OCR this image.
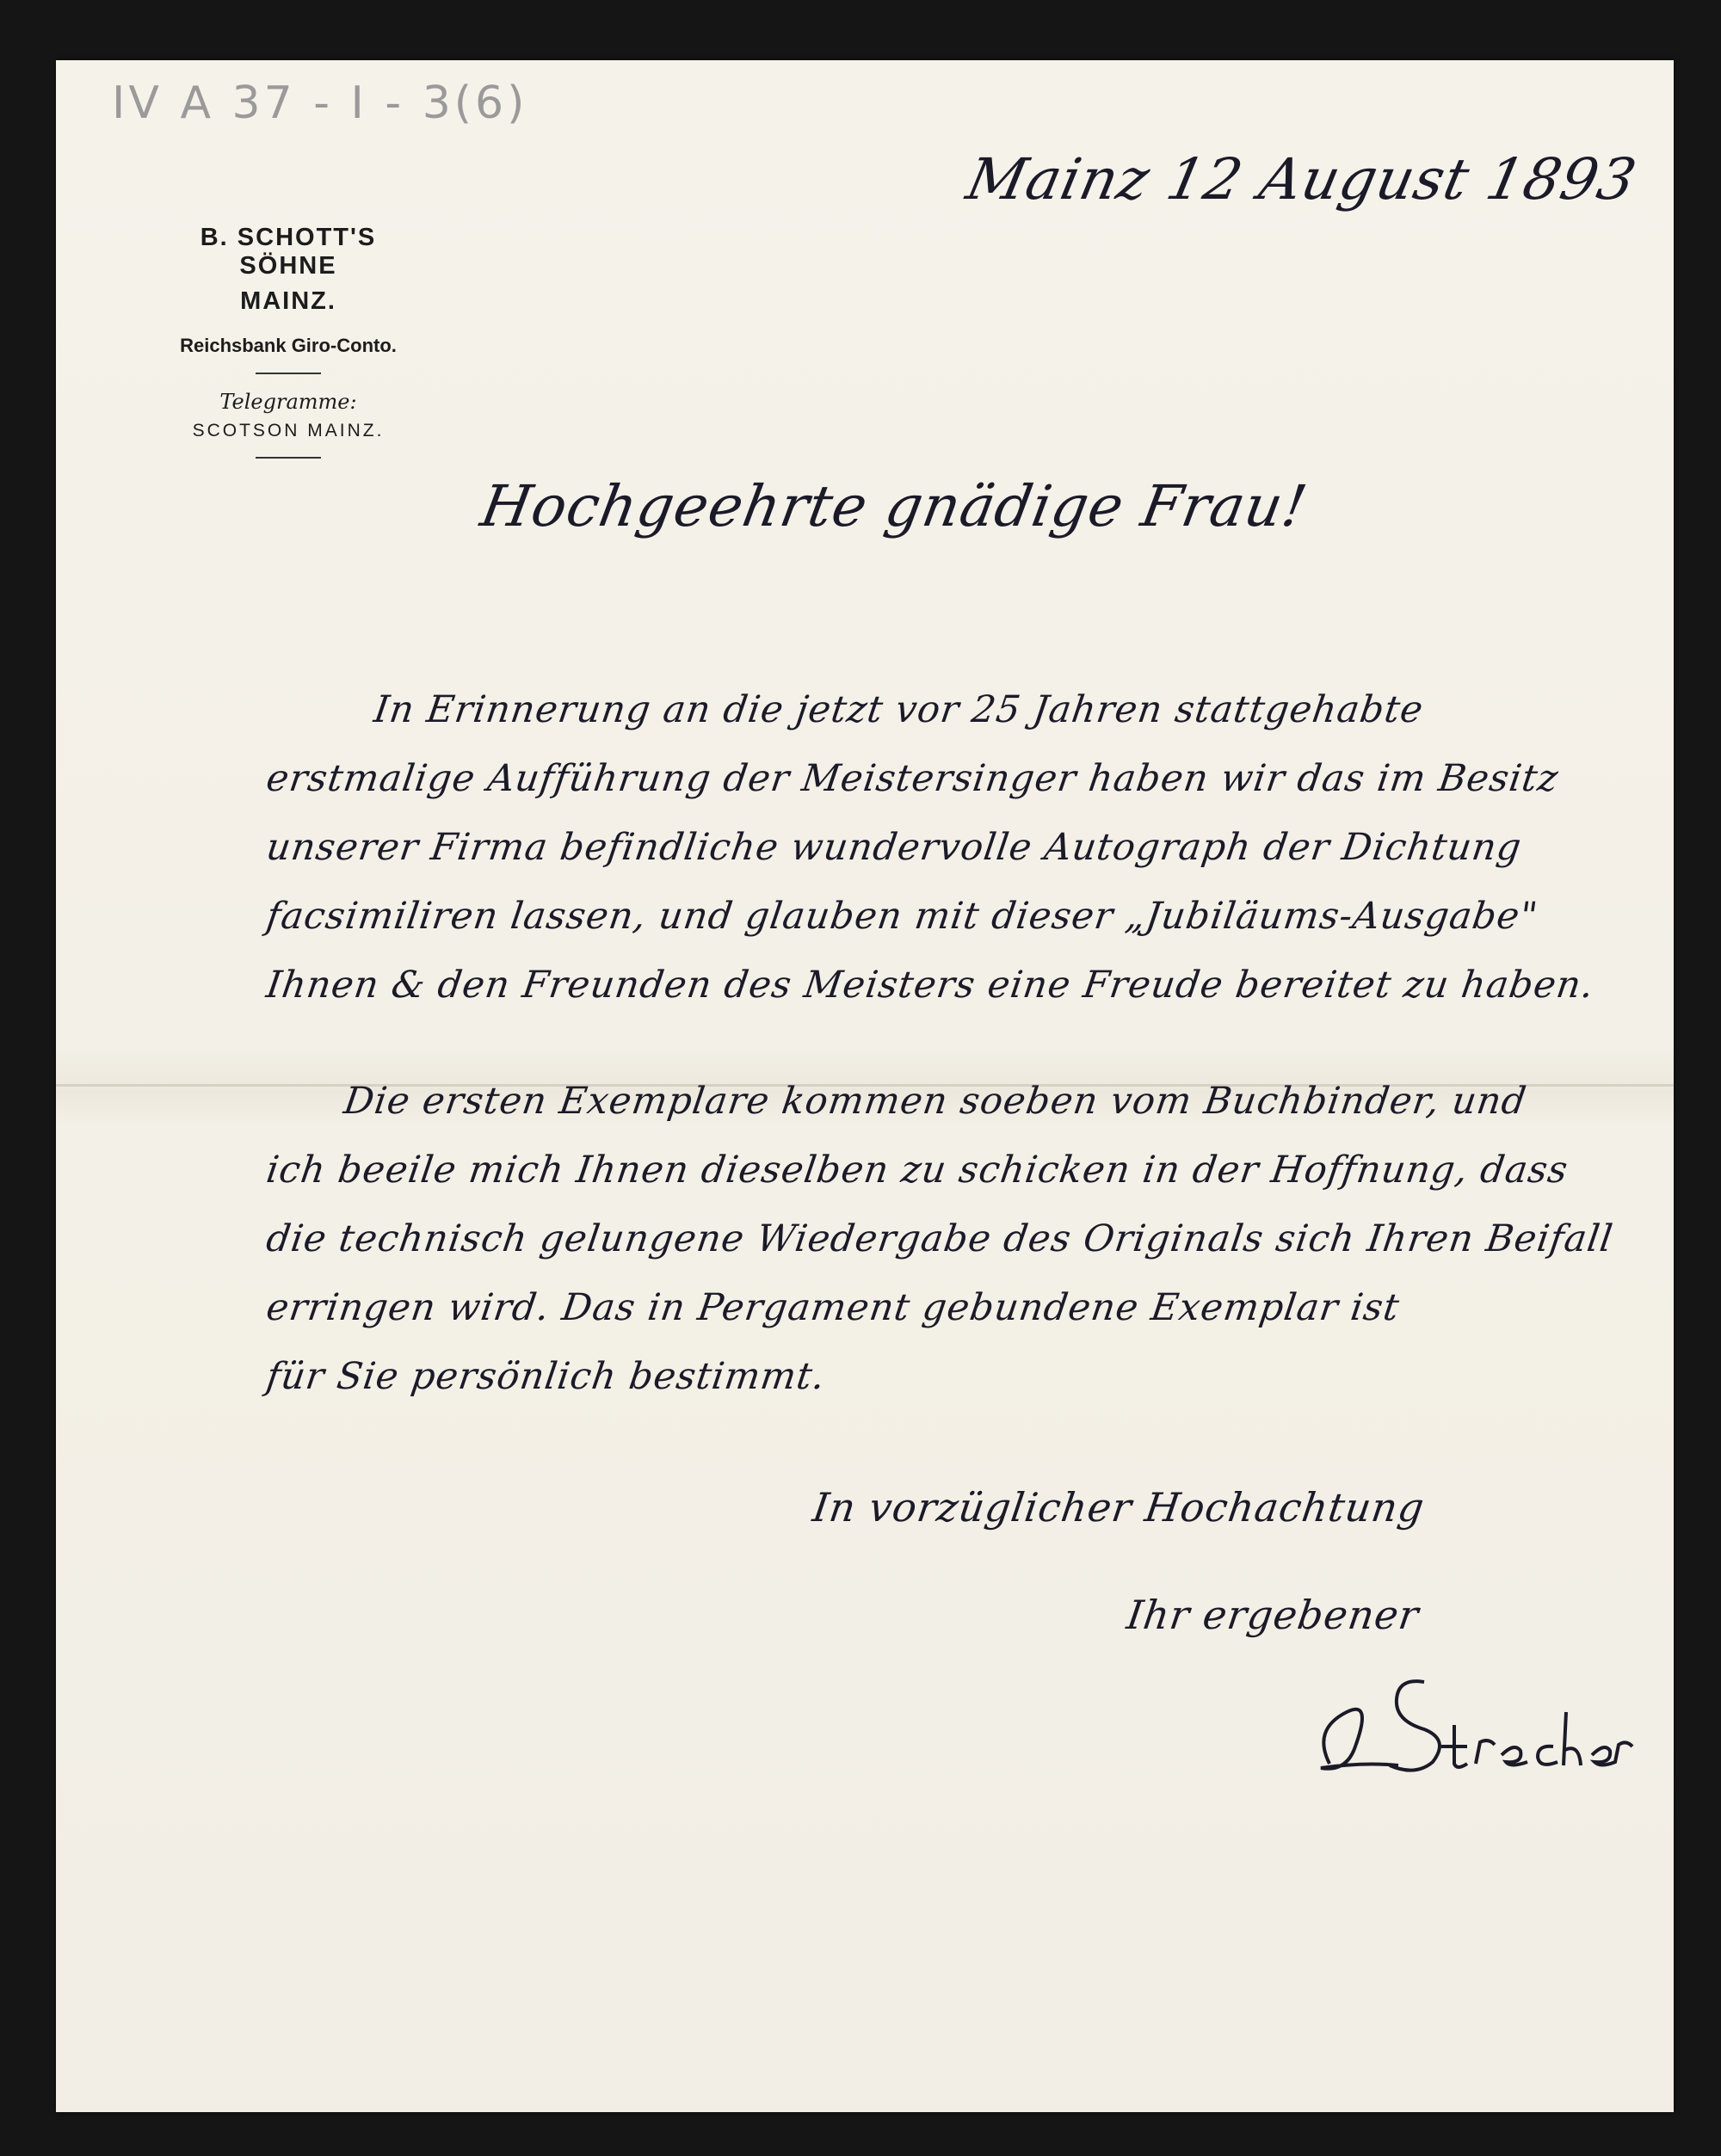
IV A 37 - I - 3(6)
B. SCHOTT'S SÖHNE
MAINZ.
Reichsbank Giro-Conto.
Telegramme:
SCOTSON MAINZ.
Mainz 12 August 1893
Hochgeehrte gnädige Frau!
In Erinnerung an die jetzt vor 25 Jahren stattgehabte
erstmalige Aufführung der Meistersinger haben wir das im Besitz
unserer Firma befindliche wundervolle Autograph der Dichtung
facsimiliren lassen, und glauben mit dieser „Jubiläums-Ausgabe"
Ihnen & den Freunden des Meisters eine Freude bereitet zu haben.
Die ersten Exemplare kommen soeben vom Buchbinder, und
ich beeile mich Ihnen dieselben zu schicken in der Hoffnung, dass
die technisch gelungene Wiedergabe des Originals sich Ihren Beifall
erringen wird. Das in Pergament gebundene Exemplar ist
für Sie persönlich bestimmt.
In vorzüglicher Hochachtung
Ihr ergebener
